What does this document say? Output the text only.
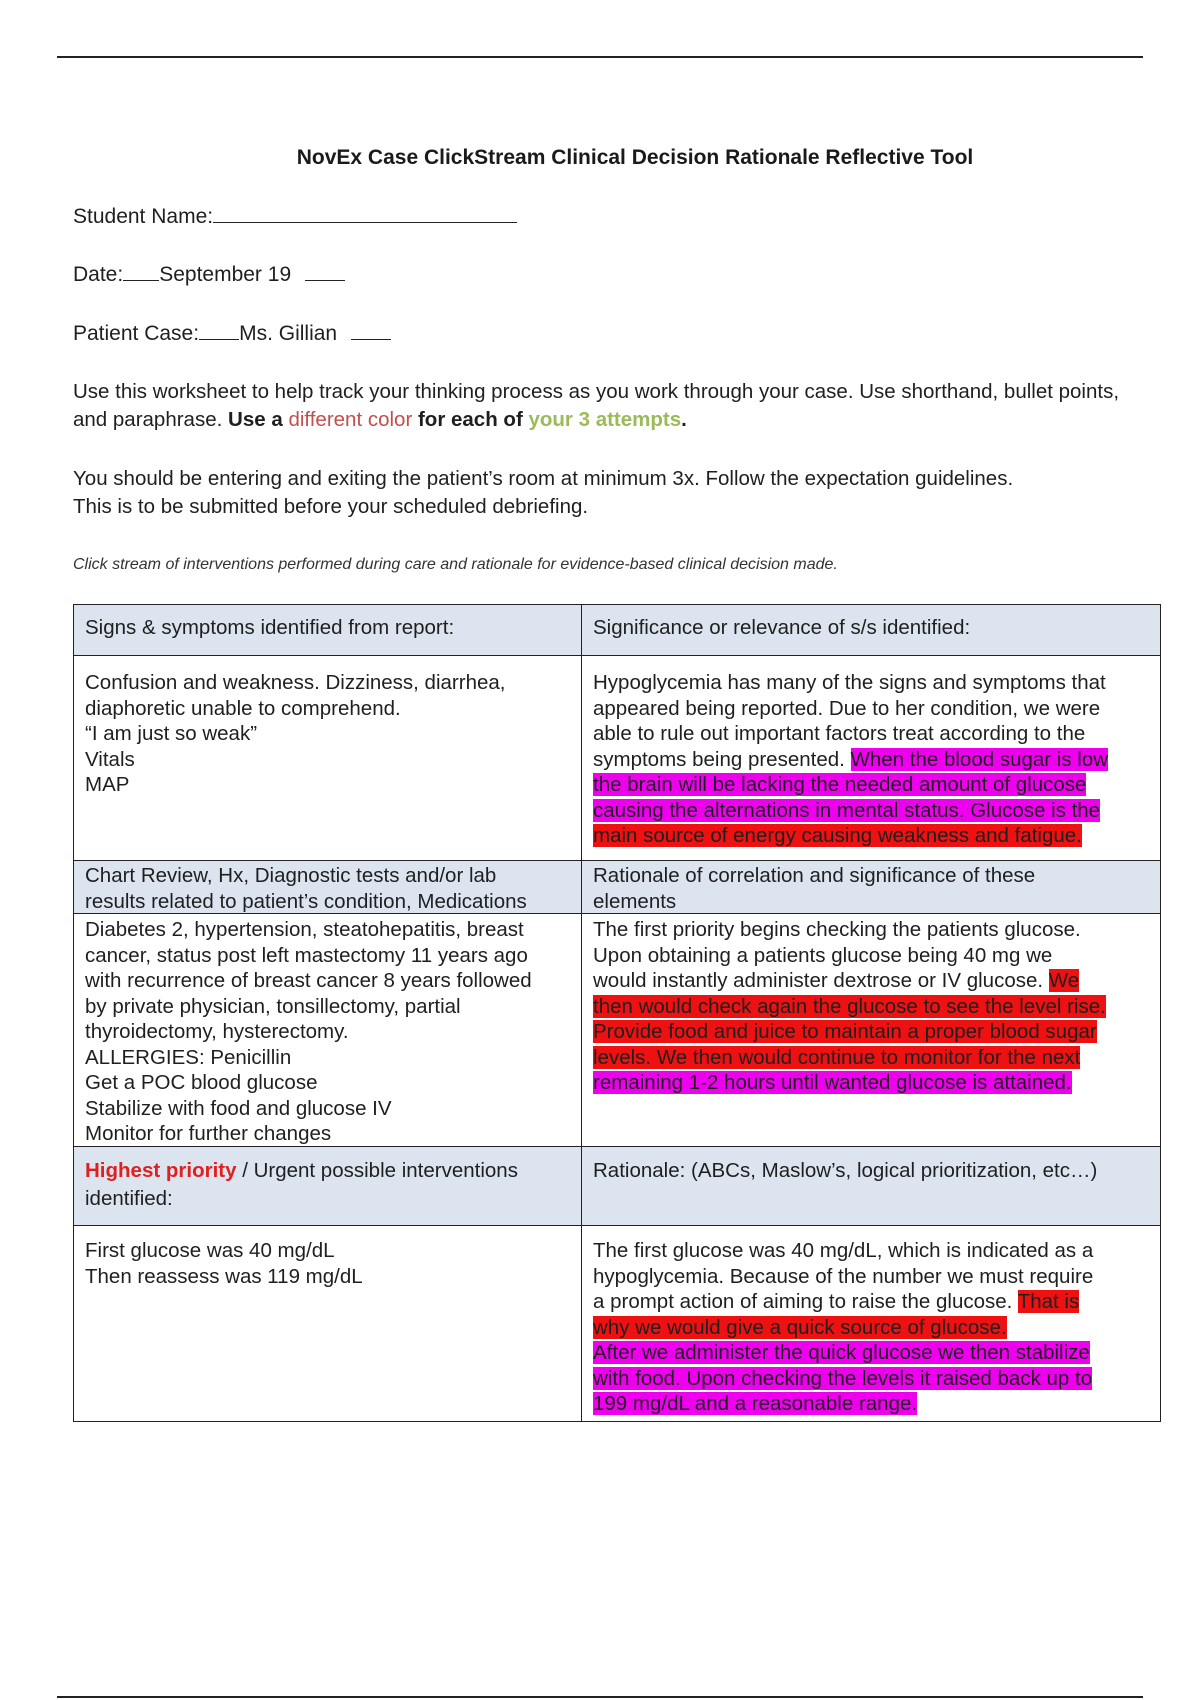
NovEx Case ClickStream Clinical Decision Rationale Reflective Tool
Student Name:
Date: September 19
Patient Case: Ms. Gillian
Use this worksheet to help track your thinking process as you work through your case. Use shorthand, bullet points, and paraphrase. Use a different color for each of your 3 attempts.
You should be entering and exiting the patient’s room at minimum 3x. Follow the expectation guidelines.
This is to be submitted before your scheduled debriefing.
Click stream of interventions performed during care and rationale for evidence-based clinical decision made.
Signs & symptoms identified from report:	Significance or relevance of s/s identified:
Confusion and weakness. Dizziness, diarrhea,
diaphoretic unable to comprehend.
“I am just so weak”
Vitals
MAP
Hypoglycemia has many of the signs and symptoms that
appeared being reported. Due to her condition, we were
able to rule out important factors treat according to the
symptoms being presented. When the blood sugar is low
the brain will be lacking the needed amount of glucose
causing the alternations in mental status. Glucose is the
main source of energy causing weakness and fatigue.
Chart Review, Hx, Diagnostic tests and/or lab
results related to patient’s condition, Medications
Rationale of correlation and significance of these
elements
Diabetes 2, hypertension, steatohepatitis, breast
cancer, status post left mastectomy 11 years ago
with recurrence of breast cancer 8 years followed
by private physician, tonsillectomy, partial
thyroidectomy, hysterectomy.
ALLERGIES: Penicillin
Get a POC blood glucose
Stabilize with food and glucose IV
Monitor for further changes
The first priority begins checking the patients glucose.
Upon obtaining a patients glucose being 40 mg we
would instantly administer dextrose or IV glucose. We
then would check again the glucose to see the level rise.
Provide food and juice to maintain a proper blood sugar
levels. We then would continue to monitor for the next
remaining 1-2 hours until wanted glucose is attained.
Highest priority / Urgent possible interventions
identified:
Rationale: (ABCs, Maslow’s, logical prioritization, etc…)
First glucose was 40 mg/dL
Then reassess was 119 mg/dL
The first glucose was 40 mg/dL, which is indicated as a
hypoglycemia. Because of the number we must require
a prompt action of aiming to raise the glucose. That is
why we would give a quick source of glucose.
After we administer the quick glucose we then stabilize
with food. Upon checking the levels it raised back up to
199 mg/dL and a reasonable range.
